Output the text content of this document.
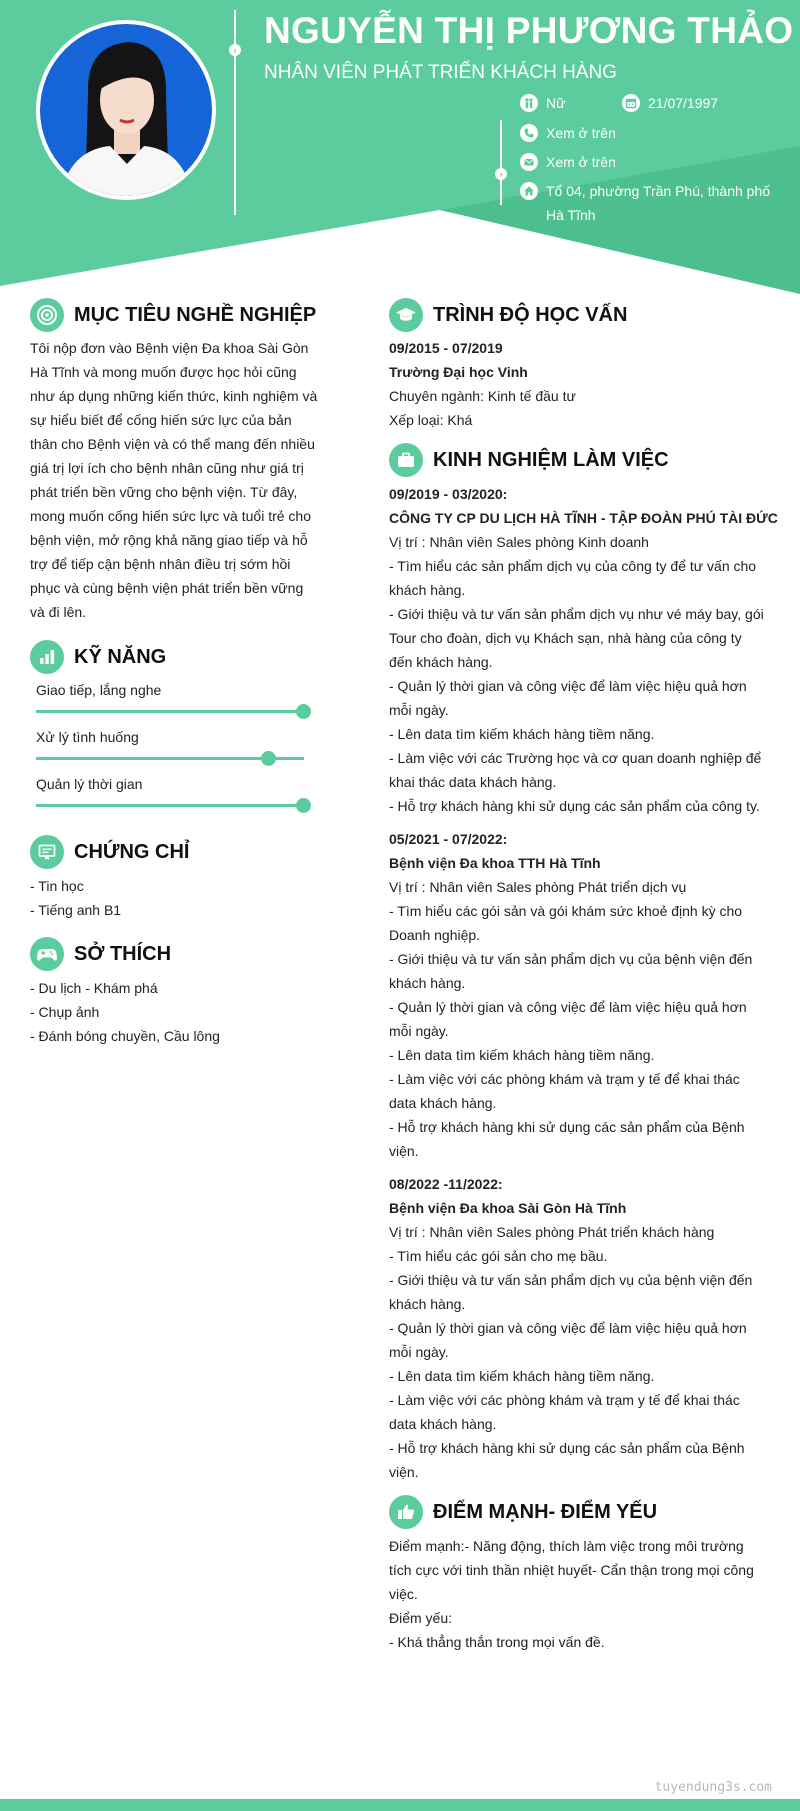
› NGUYỄN THỊ PHƯƠNG THẢO
NHÂN VIÊN PHÁT TRIỂN KHÁCH HÀNG
›
Nữ	21/07/1997
Xem ở trên
Xem ở trên
Tổ 04, phường Trần Phú, thành phố
Hà Tĩnh
MỤC TIÊU NGHỀ NGHIỆP
Tôi nộp đơn vào Bệnh viện Đa khoa Sài Gòn
Hà Tĩnh và mong muốn được học hỏi cũng
như áp dụng những kiến thức, kinh nghiệm và
sự hiểu biết để cống hiến sức lực của bản
thân cho Bệnh viện và có thể mang đến nhiều
giá trị lợi ích cho bệnh nhân cũng như giá trị
phát triển bền vững cho bệnh viện. Từ đây,
mong muốn cống hiến sức lực và tuổi trẻ cho
bệnh viện, mở rộng khả năng giao tiếp và hỗ
trợ để tiếp cận bệnh nhân điều trị sớm hồi
phục và cùng bệnh viện phát triển bền vững
và đi lên.
KỸ NĂNG
Giao tiếp, lắng nghe
Xử lý tình huống
Quản lý thời gian
CHỨNG CHỈ
- Tin học
- Tiếng anh B1
SỞ THÍCH
- Du lịch - Khám phá
- Chụp ảnh
- Đánh bóng chuyền, Cầu lông
TRÌNH ĐỘ HỌC VẤN
09/2015 - 07/2019
Trường Đại học Vinh
Chuyên ngành: Kinh tế đầu tư
Xếp loại: Khá
KINH NGHIỆM LÀM VIỆC
09/2019 - 03/2020:
CÔNG TY CP DU LỊCH HÀ TĨNH - TẬP ĐOÀN PHÚ TÀI ĐỨC
Vị trí : Nhân viên Sales phòng Kinh doanh
- Tìm hiểu các sản phẩm dịch vụ của công ty để tư vấn cho
khách hàng.
- Giới thiệu và tư vấn sản phẩm dịch vụ như vé máy bay, gói
Tour cho đoàn, dịch vụ Khách sạn, nhà hàng của công ty
đến khách hàng.
- Quản lý thời gian và công việc để làm việc hiệu quả hơn
mỗi ngày.
- Lên data tìm kiếm khách hàng tiềm năng.
- Làm việc với các Trường học và cơ quan doanh nghiệp để
khai thác data khách hàng.
- Hỗ trợ khách hàng khi sử dụng các sản phẩm của công ty.
05/2021 - 07/2022:
Bệnh viện Đa khoa TTH Hà Tĩnh
Vị trí : Nhân viên Sales phòng Phát triển dịch vụ
- Tìm hiểu các gói sản và gói khám sức khoẻ định kỳ cho
Doanh nghiệp.
- Giới thiệu và tư vấn sản phẩm dịch vụ của bệnh viện đến
khách hàng.
- Quản lý thời gian và công việc để làm việc hiệu quả hơn
mỗi ngày.
- Lên data tìm kiếm khách hàng tiềm năng.
- Làm việc với các phòng khám và trạm y tế để khai thác
data khách hàng.
- Hỗ trợ khách hàng khi sử dụng các sản phẩm của Bệnh
viện.
08/2022 -11/2022:
Bệnh viện Đa khoa Sài Gòn Hà Tĩnh
Vị trí : Nhân viên Sales phòng Phát triển khách hàng
- Tìm hiểu các gói sản cho mẹ bầu.
- Giới thiệu và tư vấn sản phẩm dịch vụ của bệnh viện đến
khách hàng.
- Quản lý thời gian và công việc để làm việc hiệu quả hơn
mỗi ngày.
- Lên data tìm kiếm khách hàng tiềm năng.
- Làm việc với các phòng khám và trạm y tế để khai thác
data khách hàng.
- Hỗ trợ khách hàng khi sử dụng các sản phẩm của Bệnh
viện.
ĐIỂM MẠNH- ĐIỂM YẾU
Điểm mạnh:- Năng động, thích làm việc trong môi trường
tích cực với tinh thần nhiệt huyết- Cẩn thận trong mọi công
việc.
Điểm yếu:
- Khá thẳng thắn trong mọi vấn đề.
tuyendung3s.com
